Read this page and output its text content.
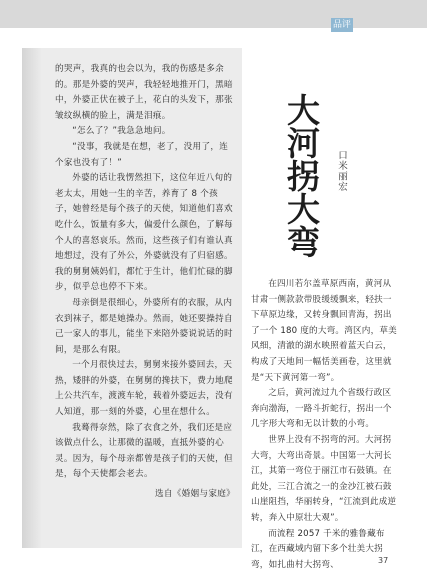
品评

的哭声，我真的也会以为，我的伤感是多余的。那是外婆的哭声，我轻轻地推开门，黑暗中，外婆正伏在被子上，花白的头发下，那张皱纹纵横的脸上，满是泪痕。

“怎么了？”我急急地问。

“没事，我就是在想，老了，没用了，连个家也没有了！”

外婆的话让我愣然担下，这位年近八旬的老太太，用她一生的辛苦，养育了 8 个孩子，她曾经是每个孩子的天使，知道他们喜欢吃什么，饭量有多大，偏爱什么颜色，了解每个人的喜怒哀乐。然而，这些孩子们有谁认真地想过，没有了外公，外婆就没有了归宿感。我的舅舅姨妈们，都忙于生计，他们忙碌的脚步，似乎总也停不下来。

母亲倒是很细心，外婆所有的衣服，从内衣到袜子，都是她操办。然而，她还要操持自己一家人的事儿，能坐下来陪外婆说说话的时间，是那么有限。

一个月很快过去，舅舅来接外婆回去，天热，矮胖的外婆，在舅舅的搀扶下，费力地爬上公共汽车，渡渡车轮，载着外婆远去，没有人知道，那一刻的外婆，心里在想什么。

我蓦得奈然，除了衣食之外，我们还是应该做点什么，让那微的温暖，直抵外婆的心灵。因为，每个母亲都曾是孩子们的天使，但是，每个天使都会老去。

选自《婚姻与家庭》

大河拐大弯 口米丽宏

在四川若尔盖草原西南，黄河从甘肃一侧款款带股缓缓飘来，轻扶一下草原边缘，又转身飘回青海，拐出了一个 180 度的大弯。湾区内，草美风细，清澈的湖水映照着蓝天白云，构成了天地间一幅恬美画卷，这里就是“天下黄河第一弯”。

之后，黄河流过九个省级行政区奔向渤海，一路斗折蛇行，拐出一个几字形大弯和无以计数的小弯。

世界上没有不拐弯的河。大河拐大弯，大弯出奇景。中国第一大河长江，其第一弯位于丽江市石鼓镇。在此处，三江合流之一的金沙江被石鼓山崖阻挡，华丽转身，“江流到此成逆转，奔入中原壮大观”。

而流程 2057 千米的雅鲁藏布江，在西藏域内留下多个壮美大拐弯，如扎曲村大拐弯、	37
